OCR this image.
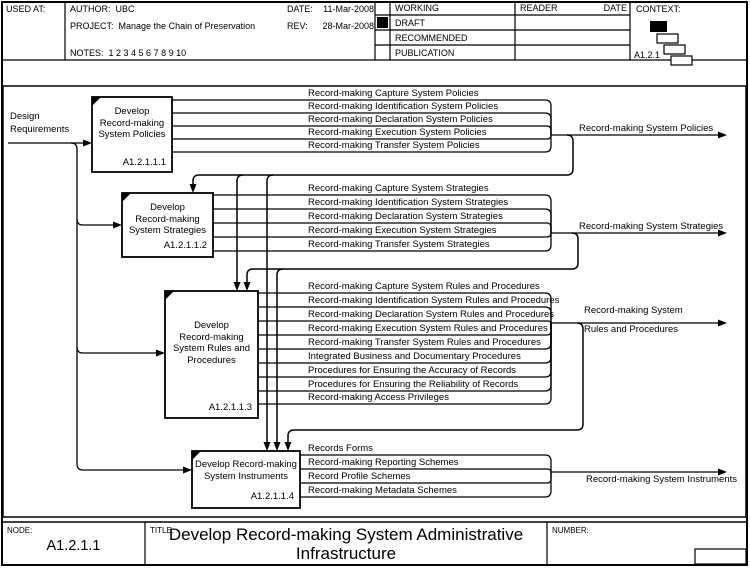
USED AT:	AUTHOR: UBC	DATE: 11-Mar-2008
PROJECT: Manage the Chain of Preservation	REV: 28-Mar-2008
NOTES: 1 2 3 4 5 6 7 8 9 10
WORKING
DRAFT
RECOMMENDED
PUBLICATION
READER	DATE CONTEXT:
A1.2.1
Design
Requirements
Develop
Record-making
System Policies
A1.2.1.1.1
Develop
Record-making
System Strategies
A1.2.1.1.2
Develop
Record-making
System Rules and
Procedures
A1.2.1.1.3
Develop Record-making
System Instruments
A1.2.1.1.4
Record-making Capture System Policies
Record-making Identification System Policies
Record-making Declaration System Policies
Record-making Execution System Policies
Record-making Transfer System Policies
Record-making Capture System Strategies
Record-making Identification System Strategies
Record-making Declaration System Strategies
Record-making Execution System Strategies
Record-making Transfer System Strategies
Record-making Capture System Rules and Procedures
Record-making Identification System Rules and Procedures
Record-making Declaration System Rules and Procedures
Record-making Execution System Rules and Procedures
Record-making Transfer System Rules and Procedures
Integrated Business and Documentary Procedures
Procedures for Ensuring the Accuracy of Records
Procedures for Ensuring the Reliability of Records
Record-making Access Privileges
Records Forms
Record-making Reporting Schemes
Record Profile Schemes
Record-making Metadata Schemes
Record-making System Policies
Record-making System Strategies
Record-making System
Rules and Procedures
Record-making System Instruments
NODE:
A1.2.1.1
TITLE:
Develop Record-making System Administrative Infrastructure
NUMBER:
